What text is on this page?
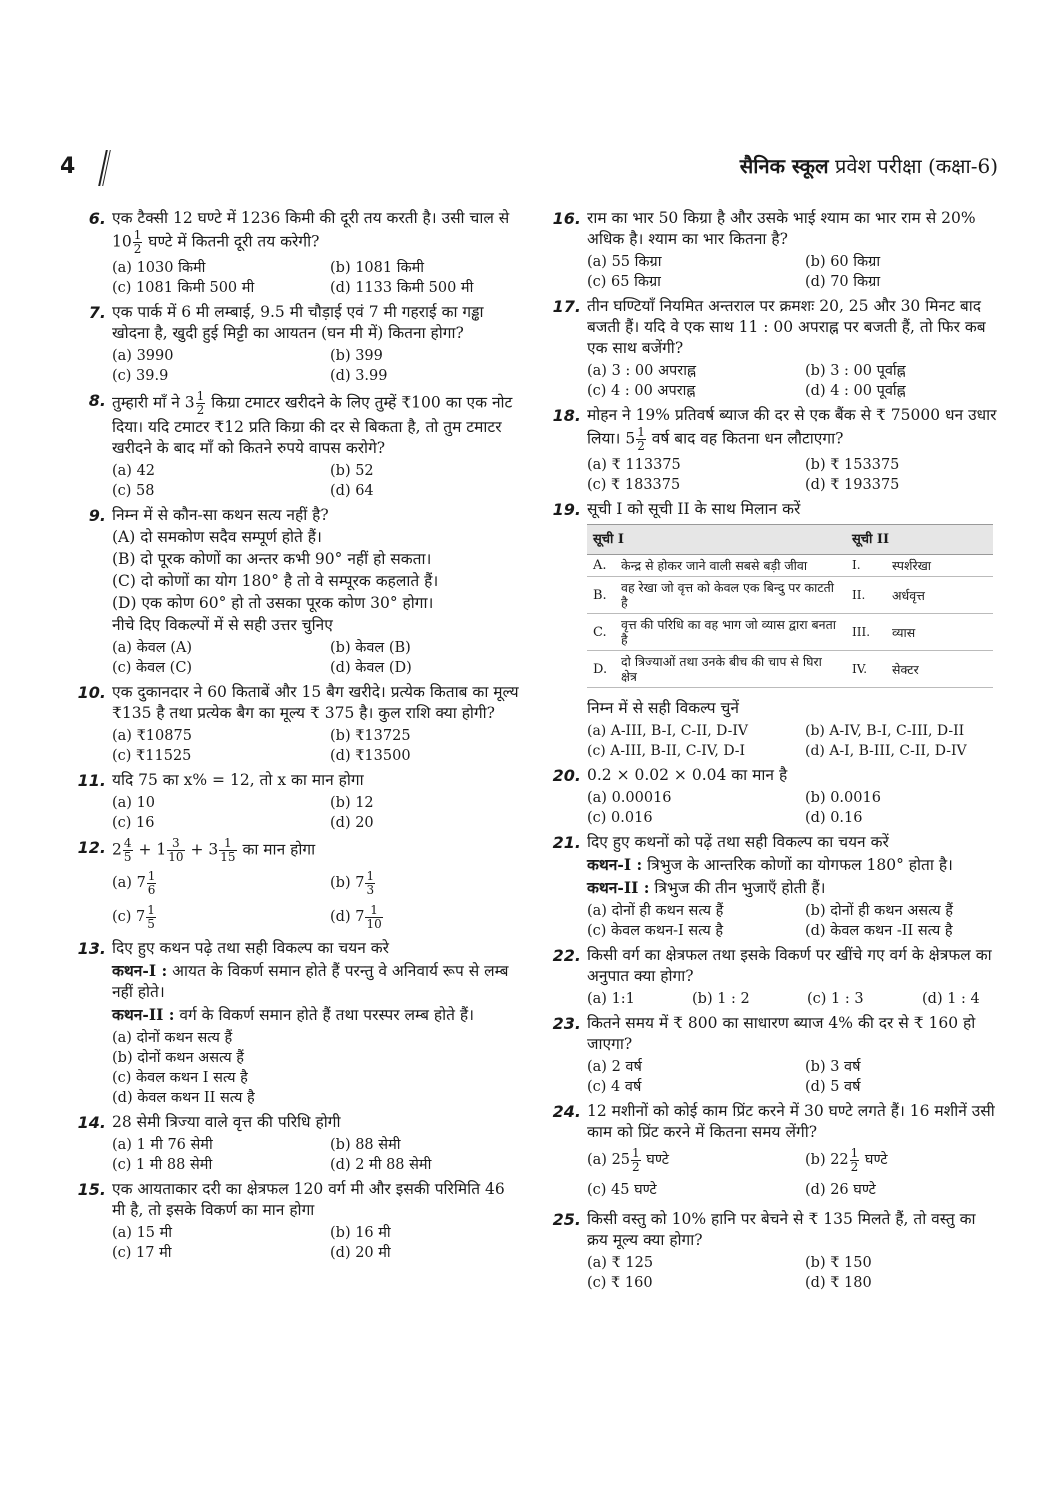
4	सैनिक स्कूल प्रवेश परीक्षा (कक्षा-6)
6. एक टैक्सी 12 घण्टे में 1236 किमी की दूरी तय करती है। उसी चाल से $10 \frac{1}{2}$ घण्टे में कितनी दूरी तय करेगी?

(a) 1030 किमी	(b) 1081 किमी
(c) 1081 किमी 500 मी	(d) 1133 किमी 500 मी
7. एक पार्क में 6 मी लम्बाई, 9.5 मी चौड़ाई एवं 7 मी गहराई का गड्ढा खोदना है, खुदी हुई मिट्टी का आयतन (घन मी में) कितना होगा?

(a) 3990	(b) 399
(c) 39.9	(d) 3.99
8. तुम्हारी माँ ने $3 \frac{1}{2}$ किग्रा टमाटर खरीदने के लिए तुम्हें ₹100 का एक नोट दिया। यदि टमाटर ₹12 प्रति किग्रा की दर से बिकता है, तो तुम टमाटर खरीदने के बाद माँ को कितने रुपये वापस करोगे?

(a) 42	(b) 52
(c) 58	(d) 64
9. निम्न में से कौन-सा कथन सत्य नहीं है?

(A) दो समकोण सदैव सम्पूर्ण होते हैं।

(B) दो पूरक कोणों का अन्तर कभी 90° नहीं हो सकता।

(C) दो कोणों का योग 180° है तो वे सम्पूरक कहलाते हैं।

(D) एक कोण 60° हो तो उसका पूरक कोण 30° होगा।

नीचे दिए विकल्पों में से सही उत्तर चुनिए

(a) केवल (A)	(b) केवल (B)
(c) केवल (C)	(d) केवल (D)
10. एक दुकानदार ने 60 किताबें और 15 बैग खरीदे। प्रत्येक किताब का मूल्य ₹135 है तथा प्रत्येक बैग का मूल्य ₹ 375 है। कुल राशि क्या होगी?

(a) ₹10875	(b) ₹13725
(c) ₹11525	(d) ₹13500
11. यदि 75 का x% = 12, तो x का मान होगा

(a) 10	(b) 12
(c) 16	(d) 20
12. $2 \frac{4}{5} + 1 \frac{3}{10} + 3 \frac{1}{15}$ का मान होगा

(a) $7 \frac{1}{6}$	(b) $7 \frac{1}{3}$
(c) $7 \frac{1}{5}$	(d) $7 \frac{1}{10}$
13. दिए हुए कथन पढ़े तथा सही विकल्प का चयन करे

कथन-I : आयत के विकर्ण समान होते हैं परन्तु वे अनिवार्य रूप से लम्ब नहीं होते।

कथन-II : वर्ग के विकर्ण समान होते हैं तथा परस्पर लम्ब होते हैं।

(a) दोनों कथन सत्य हैं
(b) दोनों कथन असत्य हैं
(c) केवल कथन I सत्य है
(d) केवल कथन II सत्य है
14. 28 सेमी त्रिज्या वाले वृत्त की परिधि होगी

(a) 1 मी 76 सेमी	(b) 88 सेमी
(c) 1 मी 88 सेमी	(d) 2 मी 88 सेमी
15. एक आयताकार दरी का क्षेत्रफल 120 वर्ग मी और इसकी परिमिति 46 मी है, तो इसके विकर्ण का मान होगा

(a) 15 मी	(b) 16 मी
(c) 17 मी	(d) 20 मी
16. राम का भार 50 किग्रा है और उसके भाई श्याम का भार राम से 20% अधिक है। श्याम का भार कितना है?

(a) 55 किग्रा	(b) 60 किग्रा
(c) 65 किग्रा	(d) 70 किग्रा
17. तीन घण्टियाँ नियमित अन्तराल पर क्रमशः 20, 25 और 30 मिनट बाद बजती हैं। यदि वे एक साथ 11 : 00 अपराह्न पर बजती हैं, तो फिर कब एक साथ बजेंगी?

(a) 3 : 00 अपराह्न	(b) 3 : 00 पूर्वाह्न
(c) 4 : 00 अपराह्न	(d) 4 : 00 पूर्वाह्न
18. मोहन ने 19% प्रतिवर्ष ब्याज की दर से एक बैंक से ₹ 75000 धन उधार लिया। $5 \frac{1}{2}$ वर्ष बाद वह कितना धन लौटाएगा?

(a) ₹ 113375	(b) ₹ 153375
(c) ₹ 183375	(d) ₹ 193375
19. सूची I को सूची II के साथ मिलान करें

सूची I		सूची II	
A.	केन्द्र से होकर जाने वाली सबसे बड़ी जीवा	I.	स्पर्शरेखा
B.	वह रेखा जो वृत्त को केवल एक बिन्दु पर काटती है	II.	अर्धवृत्त
C.	वृत्त की परिधि का वह भाग जो व्यास द्वारा बनता है	III.	व्यास
D.	दो त्रिज्याओं तथा उनके बीच की चाप से घिरा क्षेत्र	IV.	सेक्टर

निम्न में से सही विकल्प चुनें

(a) A-III, B-I, C-II, D-IV	(b) A-IV, B-I, C-III, D-II
(c) A-III, B-II, C-IV, D-I	(d) A-I, B-III, C-II, D-IV
20. 0.2 × 0.02 × 0.04 का मान है

(a) 0.00016	(b) 0.0016
(c) 0.016	(d) 0.16
21. दिए हुए कथनों को पढ़ें तथा सही विकल्प का चयन करें

कथन-I : त्रिभुज के आन्तरिक कोणों का योगफल 180° होता है।

कथन-II : त्रिभुज की तीन भुजाएँ होती हैं।

(a) दोनों ही कथन सत्य हैं	(b) दोनों ही कथन असत्य हैं
(c) केवल कथन-I सत्य है	(d) केवल कथन -II सत्य है
22. किसी वर्ग का क्षेत्रफल तथा इसके विकर्ण पर खींचे गए वर्ग के क्षेत्रफल का अनुपात क्या होगा?

(a) 1:1	(b) 1 : 2	(c) 1 : 3	(d) 1 : 4
23. कितने समय में ₹ 800 का साधारण ब्याज 4% की दर से ₹ 160 हो जाएगा?

(a) 2 वर्ष	(b) 3 वर्ष
(c) 4 वर्ष	(d) 5 वर्ष
24. 12 मशीनों को कोई काम प्रिंट करने में 30 घण्टे लगते हैं। 16 मशीनें उसी काम को प्रिंट करने में कितना समय लेंगी?

(a) $25 \frac{1}{2}$ घण्टे	(b) $22 \frac{1}{2}$ घण्टे
(c) 45 घण्टे	(d) 26 घण्टे
25. किसी वस्तु को 10% हानि पर बेचने से ₹ 135 मिलते हैं, तो वस्तु का क्रय मूल्य क्या होगा?

(a) ₹ 125	(b) ₹ 150
(c) ₹ 160	(d) ₹ 180
